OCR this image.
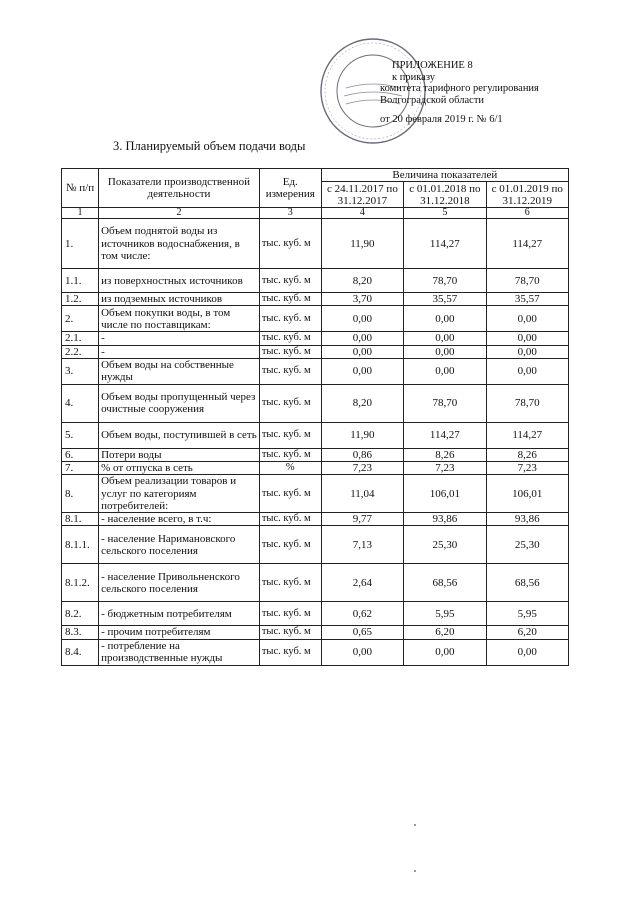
ПРИЛОЖЕНИЕ 8
к приказу
комитета тарифного регулирования
Волгоградской области
от 20 февраля 2019 г. № 6/1
3. Планируемый объем подачи воды
№ п/п	Показатели производственной деятельности	Ед. измерения	Величина показателей		
			с 24.11.2017 по 31.12.2017	с 01.01.2018 по 31.12.2018	с 01.01.2019 по 31.12.2019
1	2	3	4	5	6
1.	Объем поднятой воды из источников водоснабжения, в том числе:	тыс. куб. м	11,90	114,27	114,27
1.1.	из поверхностных источников	тыс. куб. м	8,20	78,70	78,70
1.2.	из подземных источников	тыс. куб. м	3,70	35,57	35,57
2.	Объем покупки воды, в том числе по поставщикам:	тыс. куб. м	0,00	0,00	0,00
2.1.	-	тыс. куб. м	0,00	0,00	0,00
2.2.	-	тыс. куб. м	0,00	0,00	0,00
3.	Объем воды на собственные нужды	тыс. куб. м	0,00	0,00	0,00
4.	Объем воды пропущенный через очистные сооружения	тыс. куб. м	8,20	78,70	78,70
5.	Объем воды, поступившей в сеть	тыс. куб. м	11,90	114,27	114,27
6.	Потери воды	тыс. куб. м	0,86	8,26	8,26
7.	% от отпуска в сеть	%	7,23	7,23	7,23
8.	Объем реализации товаров и услуг по категориям потребителей:	тыс. куб. м	11,04	106,01	106,01
8.1.	- население всего, в т.ч:	тыс. куб. м	9,77	93,86	93,86
8.1.1.	- население Наримановского сельского поселения	тыс. куб. м	7,13	25,30	25,30
8.1.2.	- население Привольненского сельского поселения	тыс. куб. м	2,64	68,56	68,56
8.2.	- бюджетным потребителям	тыс. куб. м	0,62	5,95	5,95
8.3.	- прочим потребителям	тыс. куб. м	0,65	6,20	6,20
8.4.	- потребление на производственные нужды	тыс. куб. м	0,00	0,00	0,00
